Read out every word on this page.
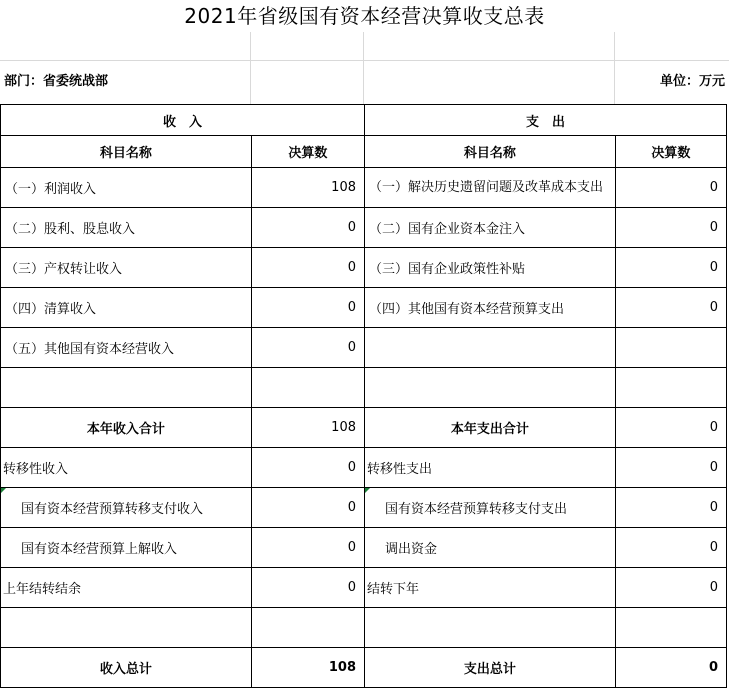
2021年省级国有资本经营决算收支总表
部门：省委统战部	单位：万元
收　入		支　出	
科目名称	决算数	科目名称	决算数
（一）利润收入	108	（一）解决历史遗留问题及改革成本支出	0
（二）股利、股息收入	0	（二）国有企业资本金注入	0
（三）产权转让收入	0	（三）国有企业政策性补贴	0
（四）清算收入	0	（四）其他国有资本经营预算支出	0
（五）其他国有资本经营收入	0		

本年收入合计	108	本年支出合计	0
转移性收入	0	转移性支出	0
国有资本经营预算转移支付收入	0	国有资本经营预算转移支付支出	0
国有资本经营预算上解收入	0	调出资金	0
上年结转结余	0	结转下年	0

收入总计	108	支出总计	0
